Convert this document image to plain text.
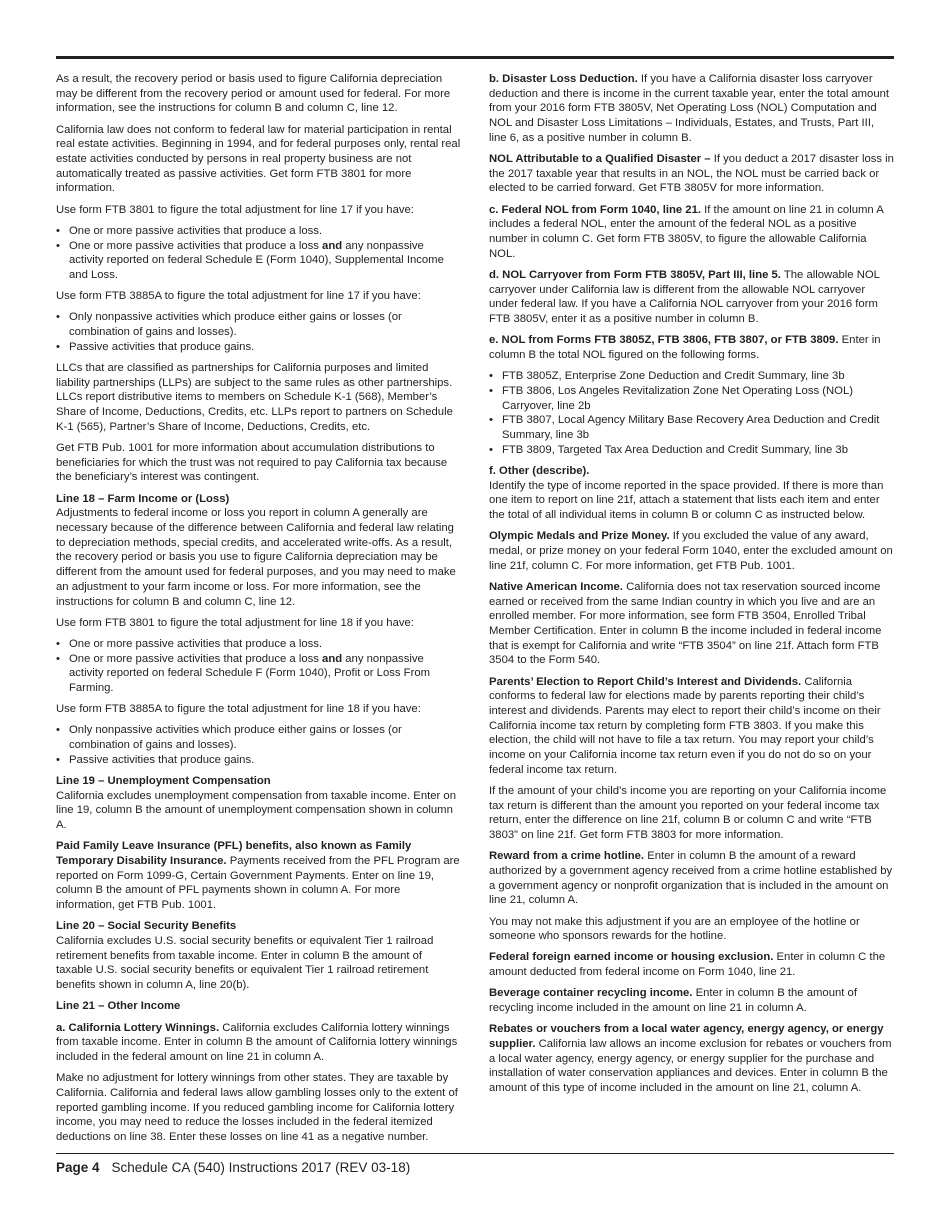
As a result, the recovery period or basis used to figure California depreciation may be different from the recovery period or amount used for federal. For more information, see the instructions for column B and column C, line 12.

California law does not conform to federal law for material participation in rental real estate activities. Beginning in 1994, and for federal purposes only, rental real estate activities conducted by persons in real property business are not automatically treated as passive activities. Get form FTB 3801 for more information.

Use form FTB 3801 to figure the total adjustment for line 17 if you have:

• One or more passive activities that produce a loss.
• One or more passive activities that produce a loss and any nonpassive activity reported on federal Schedule E (Form 1040), Supplemental Income and Loss.

Use form FTB 3885A to figure the total adjustment for line 17 if you have:

• Only nonpassive activities which produce either gains or losses (or combination of gains and losses).
• Passive activities that produce gains.

LLCs that are classified as partnerships for California purposes and limited liability partnerships (LLPs) are subject to the same rules as other partnerships. LLCs report distributive items to members on Schedule K-1 (568), Member’s Share of Income, Deductions, Credits, etc. LLPs report to partners on Schedule K-1 (565), Partner’s Share of Income, Deductions, Credits, etc.

Get FTB Pub. 1001 for more information about accumulation distributions to beneficiaries for which the trust was not required to pay California tax because the beneficiary’s interest was contingent.

Line 18 – Farm Income or (Loss)
Adjustments to federal income or loss you report in column A generally are necessary because of the difference between California and federal law relating to depreciation methods, special credits, and accelerated write-offs. As a result, the recovery period or basis you use to figure California depreciation may be different from the amount used for federal purposes, and you may need to make an adjustment to your farm income or loss. For more information, see the instructions for column B and column C, line 12.

Use form FTB 3801 to figure the total adjustment for line 18 if you have:

• One or more passive activities that produce a loss.
• One or more passive activities that produce a loss and any nonpassive activity reported on federal Schedule F (Form 1040), Profit or Loss From Farming.

Use form FTB 3885A to figure the total adjustment for line 18 if you have:

• Only nonpassive activities which produce either gains or losses (or combination of gains and losses).
• Passive activities that produce gains.

Line 19 – Unemployment Compensation
California excludes unemployment compensation from taxable income. Enter on line 19, column B the amount of unemployment compensation shown in column A.

Paid Family Leave Insurance (PFL) benefits, also known as Family Temporary Disability Insurance. Payments received from the PFL Program are reported on Form 1099-G, Certain Government Payments. Enter on line 19, column B the amount of PFL payments shown in column A. For more information, get FTB Pub. 1001.

Line 20 – Social Security Benefits
California excludes U.S. social security benefits or equivalent Tier 1 railroad retirement benefits from taxable income. Enter in column B the amount of taxable U.S. social security benefits or equivalent Tier 1 railroad retirement benefits shown in column A, line 20(b).

Line 21 – Other Income

a. California Lottery Winnings. California excludes California lottery winnings from taxable income. Enter in column B the amount of California lottery winnings included in the federal amount on line 21 in column A.

Make no adjustment for lottery winnings from other states. They are taxable by California. California and federal laws allow gambling losses only to the extent of reported gambling income. If you reduced gambling income for California lottery income, you may need to reduce the losses included in the federal itemized deductions on line 38. Enter these losses on line 41 as a negative number.

b. Disaster Loss Deduction. If you have a California disaster loss carryover deduction and there is income in the current taxable year, enter the total amount from your 2016 form FTB 3805V, Net Operating Loss (NOL) Computation and NOL and Disaster Loss Limitations – Individuals, Estates, and Trusts, Part III, line 6, as a positive number in column B.

NOL Attributable to a Qualified Disaster – If you deduct a 2017 disaster loss in the 2017 taxable year that results in an NOL, the NOL must be carried back or elected to be carried forward. Get FTB 3805V for more information.

c. Federal NOL from Form 1040, line 21. If the amount on line 21 in column A includes a federal NOL, enter the amount of the federal NOL as a positive number in column C. Get form FTB 3805V, to figure the allowable California NOL.

d. NOL Carryover from Form FTB 3805V, Part III, line 5. The allowable NOL carryover under California law is different from the allowable NOL carryover under federal law. If you have a California NOL carryover from your 2016 form FTB 3805V, enter it as a positive number in column B.

e. NOL from Forms FTB 3805Z, FTB 3806, FTB 3807, or FTB 3809. Enter in column B the total NOL figured on the following forms.

• FTB 3805Z, Enterprise Zone Deduction and Credit Summary, line 3b
• FTB 3806, Los Angeles Revitalization Zone Net Operating Loss (NOL) Carryover, line 2b
• FTB 3807, Local Agency Military Base Recovery Area Deduction and Credit Summary, line 3b
• FTB 3809, Targeted Tax Area Deduction and Credit Summary, line 3b

f. Other (describe).
Identify the type of income reported in the space provided. If there is more than one item to report on line 21f, attach a statement that lists each item and enter the total of all individual items in column B or column C as instructed below.

Olympic Medals and Prize Money. If you excluded the value of any award, medal, or prize money on your federal Form 1040, enter the excluded amount on line 21f, column C. For more information, get FTB Pub. 1001.

Native American Income. California does not tax reservation sourced income earned or received from the same Indian country in which you live and are an enrolled member. For more information, see form FTB 3504, Enrolled Tribal Member Certification. Enter in column B the income included in federal income that is exempt for California and write “FTB 3504” on line 21f. Attach form FTB 3504 to the Form 540.

Parents’ Election to Report Child’s Interest and Dividends. California conforms to federal law for elections made by parents reporting their child’s interest and dividends. Parents may elect to report their child’s income on their California income tax return by completing form FTB 3803. If you make this election, the child will not have to file a tax return. You may report your child’s income on your California income tax return even if you do not do so on your federal income tax return.

If the amount of your child’s income you are reporting on your California income tax return is different than the amount you reported on your federal income tax return, enter the difference on line 21f, column B or column C and write “FTB 3803” on line 21f. Get form FTB 3803 for more information.

Reward from a crime hotline. Enter in column B the amount of a reward authorized by a government agency received from a crime hotline established by a government agency or nonprofit organization that is included in the amount on line 21, column A.

You may not make this adjustment if you are an employee of the hotline or someone who sponsors rewards for the hotline.

Federal foreign earned income or housing exclusion. Enter in column C the amount deducted from federal income on Form 1040, line 21.

Beverage container recycling income. Enter in column B the amount of recycling income included in the amount on line 21 in column A.

Rebates or vouchers from a local water agency, energy agency, or energy supplier. California law allows an income exclusion for rebates or vouchers from a local water agency, energy agency, or energy supplier for the purchase and installation of water conservation appliances and devices. Enter in column B the amount of this type of income included in the amount on line 21, column A.

Page 4 Schedule CA (540) Instructions 2017 (REV 03-18)
